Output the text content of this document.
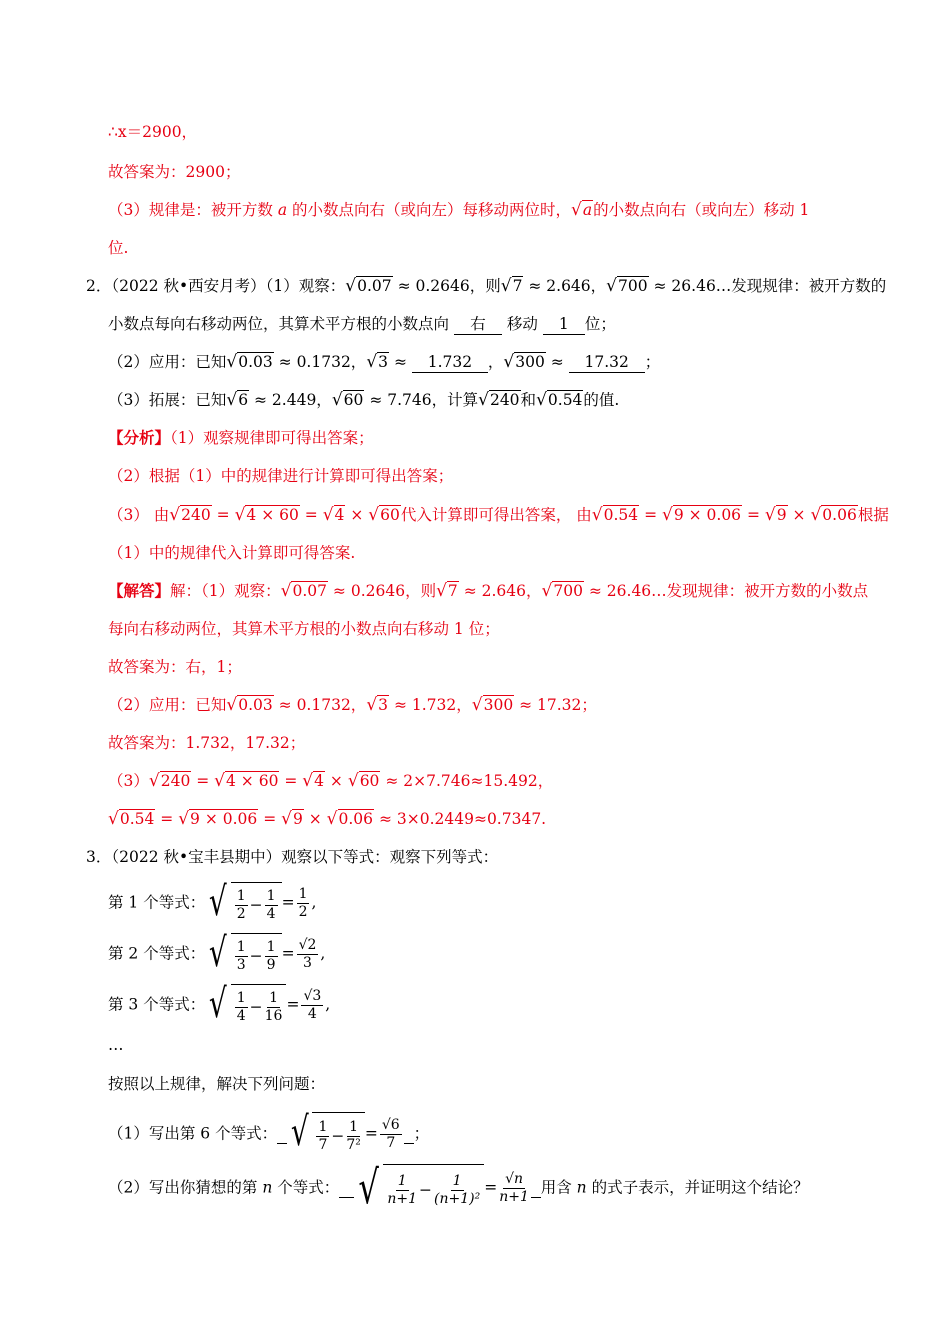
∴x＝2900，
故答案为：2900；
（3）规律是：被开方数 a 的小数点向右（或向左）每移动两位时，√a的小数点向右（或向左）移动 1
位.
2．（2022 秋•西安月考）（1）观察：√0.07 ≈ 0.2646，则√7 ≈ 2.646，√700 ≈ 26.46…发现规律：被开方数的
小数点每向右移动两位，其算术平方根的小数点向 右 移动 1 位；
（2）应用：已知√0.03 ≈ 0.1732，√3 ≈ 1.732 ，√300 ≈ 17.32 ；
（3）拓展：已知√6 ≈ 2.449，√60 ≈ 7.746，计算√240和√0.54的值.
【分析】（1）观察规律即可得出答案；
（2）根据（1）中的规律进行计算即可得出答案；
（3） 由√240 = √4 × 60 = √4 × √60代入计算即可得出答案， 由√0.54 = √9 × 0.06 = √9 × √0.06根据
（1）中的规律代入计算即可得答案.
【解答】解：（1）观察：√0.07 ≈ 0.2646，则√7 ≈ 2.646，√700 ≈ 26.46…发现规律：被开方数的小数点
每向右移动两位，其算术平方根的小数点向右移动 1 位；
故答案为：右，1；
（2）应用：已知√0.03 ≈ 0.1732，√3 ≈ 1.732，√300 ≈ 17.32；
故答案为：1.732，17.32；
（3）√240 = √4 × 60 = √4 × √60 ≈ 2×7.746≈15.492，
√0.54 = √9 × 0.06 = √9 × √0.06 ≈ 3×0.2449≈0.7347.
3．（2022 秋•宝丰县期中）观察以下等式：观察下列等式：
第 1 个等式： √ $\frac{1}{2} - \frac{1}{4} = \frac{1}{2}$ ,
第 2 个等式： √ $\frac{1}{3} - \frac{1}{9} = \frac{√2}{3}$ ,
第 3 个等式： √ $\frac{1}{4} - \frac{1}{16} = \frac{√3}{4}$ ,
…
按照以上规律，解决下列问题：
（1）写出第 6 个等式： √ $\frac{1}{7} - \frac{1}{\text{7²}} = \frac{√6}{7}$ ；
（2）写出你猜想的第 n 个等式： √ $\frac{1}{n+1} - \frac{1}{\text{(n+1)²}} = \frac{√n}{n+1}$ 用含 n 的式子表示，并证明这个结论？
